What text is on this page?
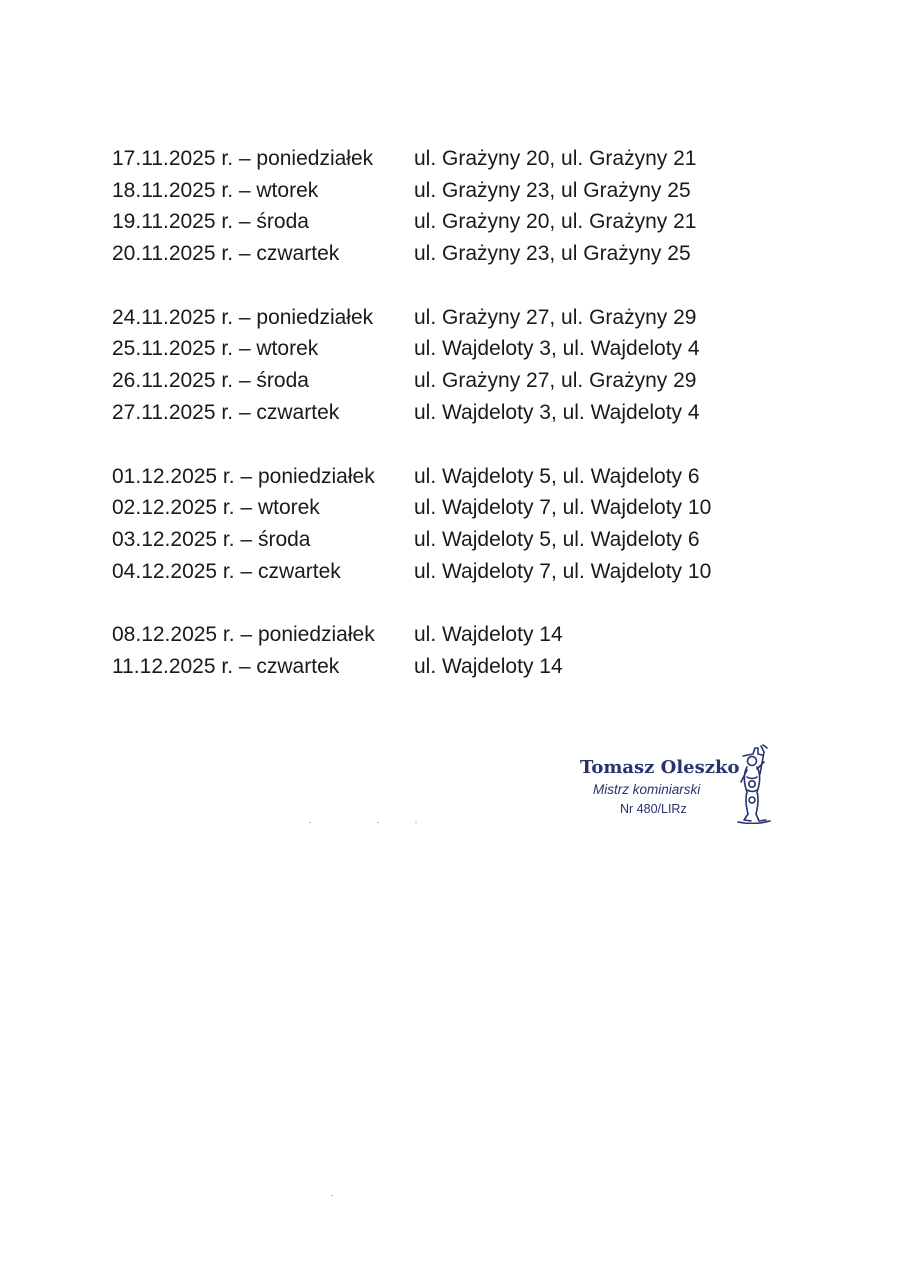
17.11.2025 r. – poniedziałek	ul. Grażyny 20, ul. Grażyny 21
18.11.2025 r. – wtorek	ul. Grażyny 23, ul Grażyny 25
19.11.2025 r. – środa	ul. Grażyny 20, ul. Grażyny 21
20.11.2025 r. – czwartek	ul. Grażyny 23, ul Grażyny 25
24.11.2025 r. – poniedziałek	ul. Grażyny 27, ul. Grażyny 29
25.11.2025 r. – wtorek	ul. Wajdeloty 3, ul. Wajdeloty 4
26.11.2025 r. – środa	ul. Grażyny 27, ul. Grażyny 29
27.11.2025 r. – czwartek	ul. Wajdeloty 3, ul. Wajdeloty 4
01.12.2025 r. – poniedziałek	ul. Wajdeloty 5, ul. Wajdeloty 6
02.12.2025 r. – wtorek	ul. Wajdeloty 7, ul. Wajdeloty 10
03.12.2025 r. – środa	ul. Wajdeloty 5, ul. Wajdeloty 6
04.12.2025 r. – czwartek	ul. Wajdeloty 7, ul. Wajdeloty 10
08.12.2025 r. – poniedziałek	ul. Wajdeloty 14
11.12.2025 r. – czwartek	ul. Wajdeloty 14
Tomasz Oleszko
Mistrz kominiarski
Nr 480/LIRz
